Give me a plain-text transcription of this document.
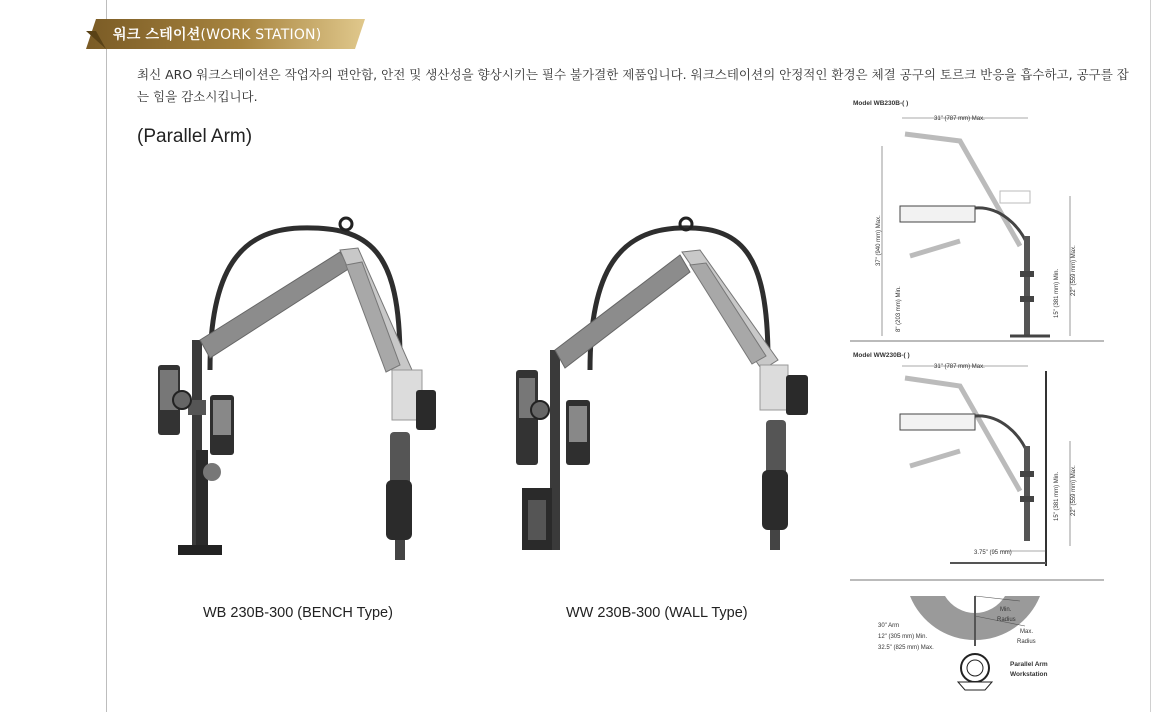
워크 스테이션(WORK STATION)
최신 ARO 워크스테이션은 작업자의 편안함, 안전 및 생산성을 향상시키는 필수 불가결한 제품입니다. 워크스테이션의 안정적인 환경은 체결 공구의 토르크 반응을 흡수하고, 공구를 잡는 힘을 감소시킵니다.
(Parallel Arm)
WB 230B-300 (BENCH Type)	WW 230B-300 (WALL Type)
Model WB230B-( )
31" (787 mm) Max.
37" (940 mm) Max.
8" (203 mm) Min.
22" (559 mm) Max.
15" (381 mm) Min.
Model WW230B-( )
31" (787 mm) Max.
22" (559 mm) Max.
15" (381 mm) Min.
3.75" (95 mm)
30" Arm
12" (305 mm) Min.
32.5" (825 mm) Max.
Min.
Radius
Max.
Radius
Parallel Arm
Workstation
